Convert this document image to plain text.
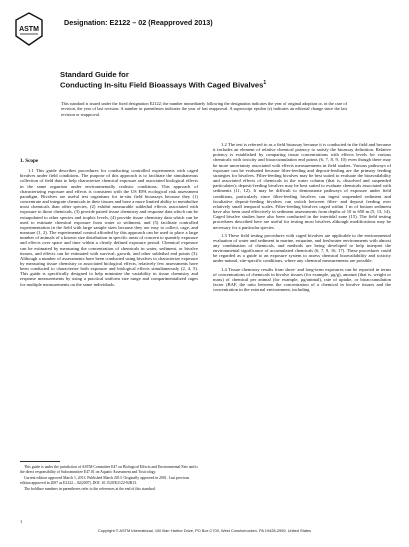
ASTM
Designation: E2122 – 02 (Reapproved 2013)
Standard Guide for
Conducting In-situ Field Bioassays With Caged Bivalves$^1$
This standard is issued under the fixed designation E2122; the number immediately following the designation indicates the year of original adoption or, in the case of revision, the year of last revision. A number in parentheses indicates the year of last reapproval. A superscript epsilon (ε) indicates an editorial change since the last revision or reapproval.
1. Scope

1.1 This guide describes procedures for conducting controlled experiments with caged bivalves under field conditions. The purpose of this approach is to facilitate the simultaneous collection of field data to help characterize chemical exposure and associated biological effects in the same organism under environmentally realistic conditions. This approach of characterizing exposure and effects is consistent with the US EPA ecological risk assessment paradigm. Bivalves are useful test organisms for in-situ field bioassays because they (1) concentrate and integrate chemicals in their tissues and have a more limited ability to metabolize most chemicals than other species, (2) exhibit measurable sublethal effects associated with exposure to those chemicals, (3) provide paired tissue chemistry and response data which can be extrapolated to other species and trophic levels, (4) provide tissue chemistry data which can be used to estimate chemical exposure from water or sediment, and (5) facilitate controlled experimentation in the field with large sample sizes because they are easy to collect, cage, and measure (1, 2). The experimental control afforded by this approach can be used to place a large number of animals of a known size distribution in specific areas of concern to quantify exposure and effects over space and time within a clearly defined exposure period. Chemical exposure can be estimated by measuring the concentration of chemicals in water, sediment, or bivalve tissues, and effects can be estimated with survival, growth, and other sublethal end points (3). Although a number of assessments have been conducted using bivalves to characterize exposure by measuring tissue chemistry or associated biological effects, relatively few assessments have been conducted to characterize both exposure and biological effects simultaneously (2, 4, 5). This guide is specifically designed to help minimize the variability in tissue chemistry and response measurements by using a practical uniform size range and compartmentalized cages for multiple measurements on the same individuals.

1.2 The test is referred to as a field bioassay because it is conducted in the field and because it includes an element of relative chemical potency to satisfy the bioassay definition. Relative potency is established by comparing tissue concentrations with effects levels for various chemicals with toxicity and bioaccumulation end points (6, 7, 8, 9, 10) even though there may be more uncertainty associated with effects measurements in field studies. Various pathways of exposure can be evaluated because filter-feeding and deposit-feeding are the primary feeding strategies for bivalves. Filter-feeding bivalves may be best suited to evaluate the bioavailability and associated effects of chemicals in the water column (that is, dissolved and suspended particulates); deposit-feeding bivalves may be best suited to evaluate chemicals associated with sediments (11, 12). It may be difficult to demonstrate pathways of exposure under field conditions, particularly since filter-feeding bivalves can ingest suspended sediment and facultative deposit-feeding bivalves can switch between filter- and deposit feeding over relatively small temporal scales. Filter-feeding bivalves caged within 1 m of bottom sediment have also been used effectively in sediment assessments from depths of 10 to 650 m (5, 13, 14). Caged bivalve studies have also been conducted in the intertidal zone (15). The field testing procedures described here are useful for testing most bivalves although modifications may be necessary for a particular species.

1.3 These field testing procedures with caged bivalves are applicable to the environmental evaluation of water and sediment in marine, estuarine, and freshwater environments with almost any combination of chemicals, and methods are being developed to help interpret the environmental significance of accumulated chemicals (6, 7, 9, 16, 17). These procedures could be regarded as a guide to an exposure system to assess chemical bioavailability and toxicity under natural, site-specific conditions, where any chemical measurements are possible.

1.4 Tissue chemistry results from short- and long-term exposures can be reported in terms of concentrations of chemicals in bivalve tissues (for example, µg/g), amount (that is, weight or mass) of chemical per animal (for example, µg/animal), rate of uptake, or bioaccumulation factor (BAF, the ratio between the concentration of a chemical in bivalve tissues and the concentration in the external environment, including

This guide is under the jurisdiction of ASTM Committee E47 on Biological Effects and Environmental Fate and is the direct responsibility of Subcommittee E47.01 on Aquatic Assessment and Toxicology.

Current edition approved March 1, 2013. Published March 2013. Originally approved in 2001. Last previous edition approved in 2007 as E2122 – 02(2007). DOI: 10.1520/E2122-02R13.

The boldface numbers in parentheses refer to the references at the end of this standard.

1
Copyright © ASTM International, 100 Barr Harbor Drive, PO Box C700, West Conshohocken, PA 19428-2959. United States
